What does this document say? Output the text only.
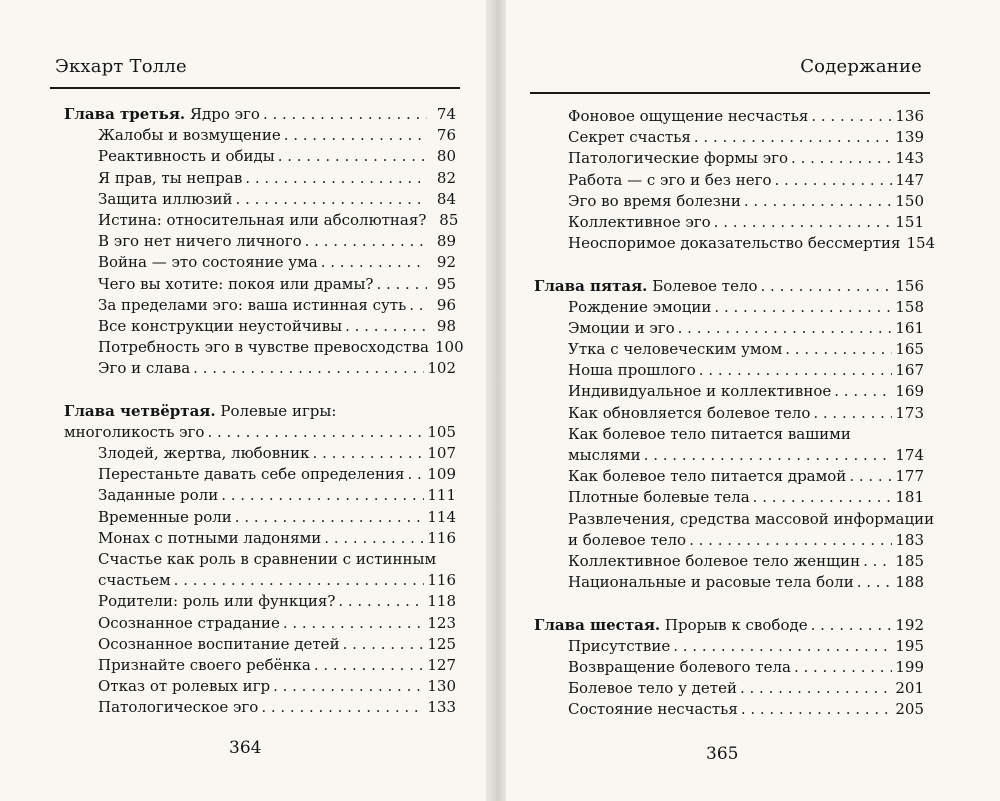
Экхарт Толле
Глава третья. Ядро эго . . .	74
Жалобы и возмущение . . .	76
Реактивность и обиды . . .	80
Я прав, ты неправ . . .	82
Защита иллюзий . . .	84
Истина: относительная или абсолютная? 85
В эго нет ничего личного . . .	89
Война — это состояние ума . . .	92
Чего вы хотите: покоя или драмы? . . .	95
За пределами эго: ваша истинная суть . . .	96
Все конструкции неустойчивы . . .	98
Потребность эго в чувстве превосходства 100
Эго и слава . . .	102
Глава четвёртая. Ролевые игры:
многоликость эго . . .	105
Злодей, жертва, любовник . . .	107
Перестаньте давать себе определения . . . 109
Заданные роли . . .	111
Временные роли . . .	114
Монах с потными ладонями . . .	116
Счастье как роль в сравнении с истинным
счастьем . . .	116
Родители: роль или функция? . . .	118
Осознанное страдание . . .	123
Осознанное воспитание детей . . .	125
Признайте своего ребёнка . . .	127
Отказ от ролевых игр . . .	130
Патологическое эго . . .	133
364
Содержание
Фоновое ощущение несчастья . . .	136
Секрет счастья . . .	139
Патологические формы эго . . .	143
Работа — с эго и без него . . .	147
Эго во время болезни . . .	150
Коллективное эго . . .	151
Неоспоримое доказательство бессмертия 154
Глава пятая. Болевое тело . . .	156
Рождение эмоции . . .	158
Эмоции и эго . . .	161
Утка с человеческим умом . . .	165
Ноша прошлого . . .	167
Индивидуальное и коллективное . . .	169
Как обновляется болевое тело . . .	173
Как болевое тело питается вашими
мыслями . . .	174
Как болевое тело питается драмой . . .	177
Плотные болевые тела . . .	181
Развлечения, средства массовой информации
и болевое тело . . .	183
Коллективное болевое тело женщин . . . 185
Национальные и расовые тела боли . . .	188
Глава шестая. Прорыв к свободе . . .	192
Присутствие . . .	195
Возвращение болевого тела . . .	199
Болевое тело у детей . . .	201
Состояние несчастья . . .	205
365
